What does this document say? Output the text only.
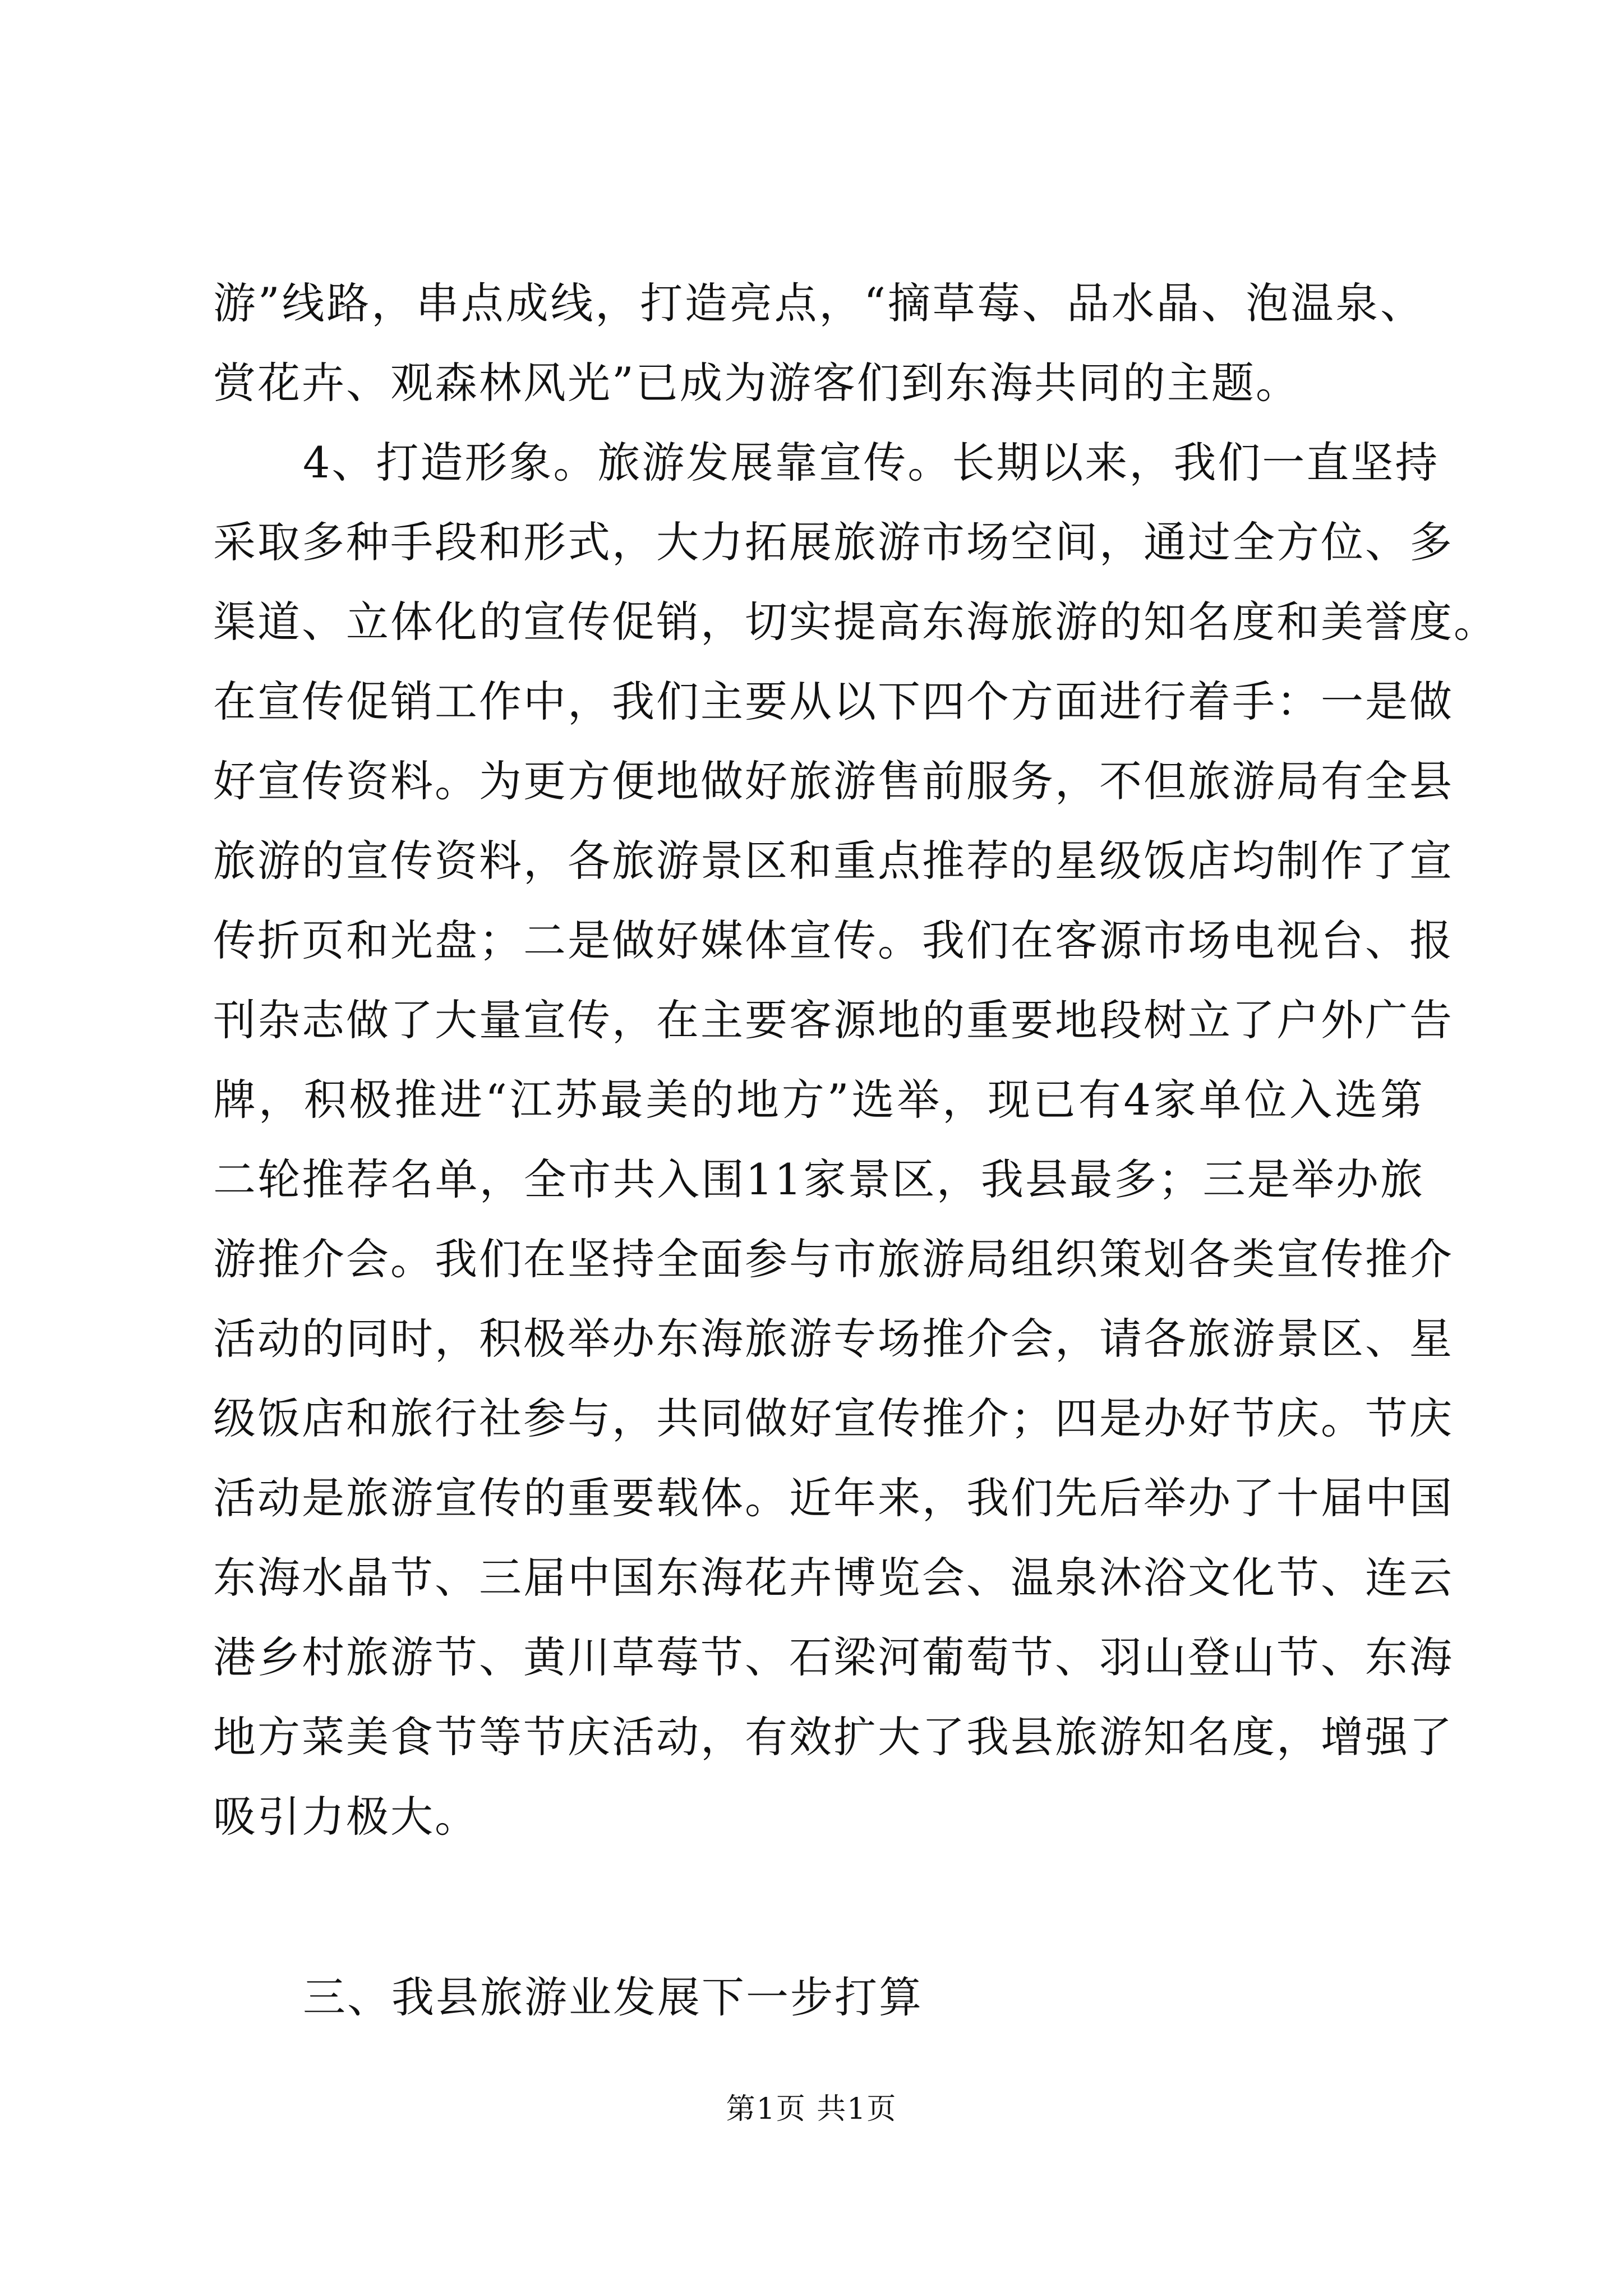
游”线路，串点成线，打造亮点，“摘草莓、品水晶、泡温泉、
赏花卉、观森林风光”已成为游客们到东海共同的主题。
4、打造形象。旅游发展靠宣传。长期以来，我们一直坚持
采取多种手段和形式，大力拓展旅游市场空间，通过全方位、多
渠道、立体化的宣传促销，切实提高东海旅游的知名度和美誉度。
在宣传促销工作中，我们主要从以下四个方面进行着手：一是做
好宣传资料。为更方便地做好旅游售前服务，不但旅游局有全县
旅游的宣传资料，各旅游景区和重点推荐的星级饭店均制作了宣
传折页和光盘；二是做好媒体宣传。我们在客源市场电视台、报
刊杂志做了大量宣传，在主要客源地的重要地段树立了户外广告
牌，积极推进“江苏最美的地方”选举，现已有4家单位入选第
二轮推荐名单，全市共入围11家景区，我县最多；三是举办旅
游推介会。我们在坚持全面参与市旅游局组织策划各类宣传推介
活动的同时，积极举办东海旅游专场推介会，请各旅游景区、星
级饭店和旅行社参与，共同做好宣传推介；四是办好节庆。节庆
活动是旅游宣传的重要载体。近年来，我们先后举办了十届中国
东海水晶节、三届中国东海花卉博览会、温泉沐浴文化节、连云
港乡村旅游节、黄川草莓节、石梁河葡萄节、羽山登山节、东海
地方菜美食节等节庆活动，有效扩大了我县旅游知名度，增强了
吸引力极大。
三、我县旅游业发展下一步打算
第1页 共1页
